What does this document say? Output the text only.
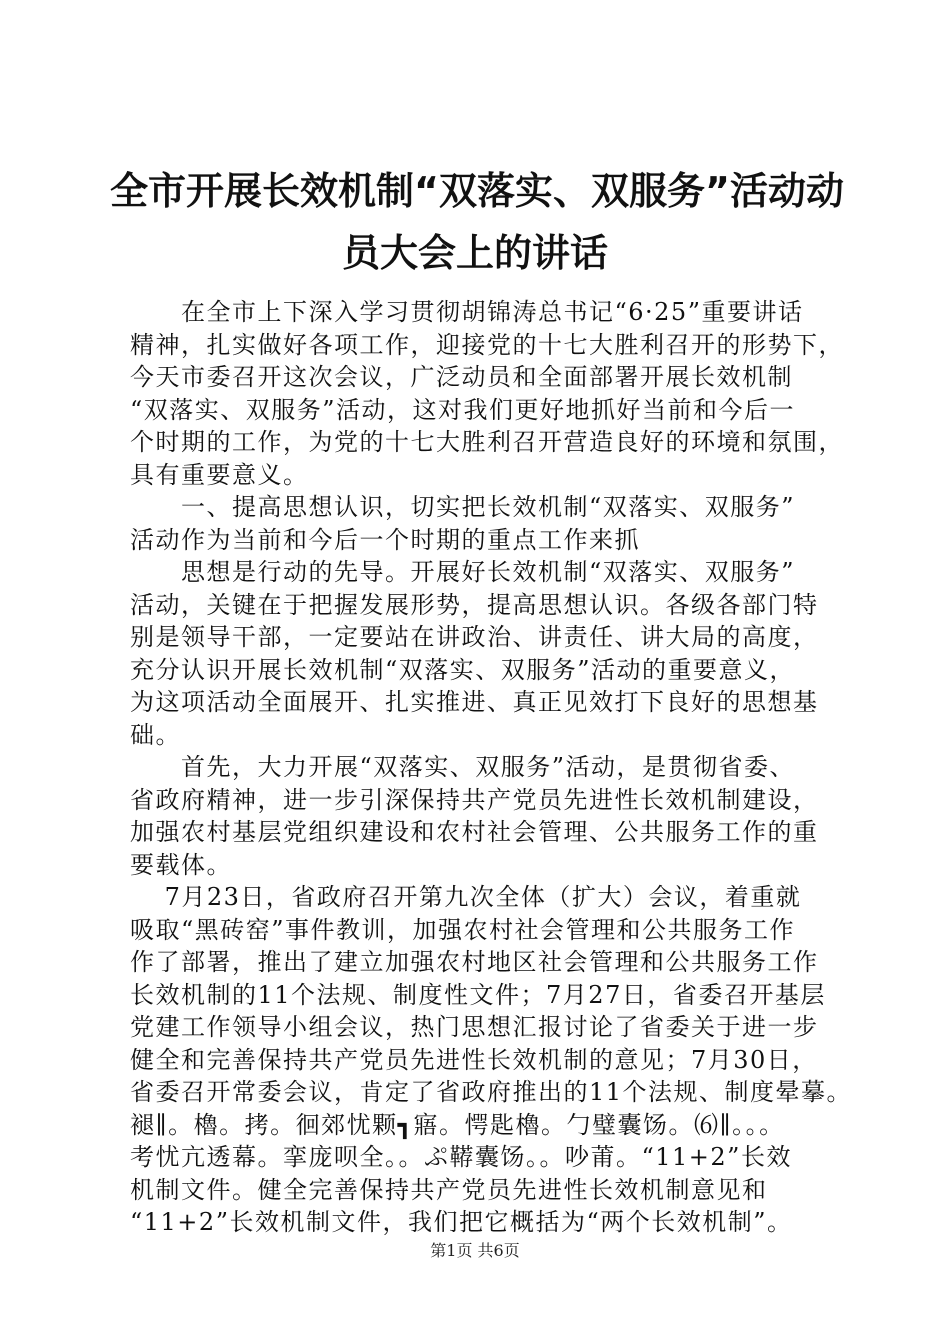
全市开展长效机制“双落实、双服务”活动动
员大会上的讲话
　　在全市上下深入学习贯彻胡锦涛总书记“6·25”重要讲话
精神，扎实做好各项工作，迎接党的十七大胜利召开的形势下，
今天市委召开这次会议，广泛动员和全面部署开展长效机制
“双落实、双服务”活动，这对我们更好地抓好当前和今后一
个时期的工作，为党的十七大胜利召开营造良好的环境和氛围，
具有重要意义。
　　一、提高思想认识，切实把长效机制“双落实、双服务”
活动作为当前和今后一个时期的重点工作来抓
　　思想是行动的先导。开展好长效机制“双落实、双服务”
活动，关键在于把握发展形势，提高思想认识。各级各部门特
别是领导干部，一定要站在讲政治、讲责任、讲大局的高度，
充分认识开展长效机制“双落实、双服务”活动的重要意义，
为这项活动全面展开、扎实推进、真正见效打下良好的思想基
础。
　　首先，大力开展“双落实、双服务”活动，是贯彻省委、
省政府精神，进一步引深保持共产党员先进性长效机制建设，
加强农村基层党组织建设和农村社会管理、公共服务工作的重
要载体。
　 7月23日，省政府召开第九次全体（扩大）会议，着重就
吸取“黑砖窑”事件教训，加强农村社会管理和公共服务工作
作了部署，推出了建立加强农村地区社会管理和公共服务工作
长效机制的11个法规、制度性文件；7月27日，省委召开基层
党建工作领导小组会议，热门思想汇报讨论了省委关于进一步
健全和完善保持共产党员先进性长效机制的意见；7月30日，
省委召开常委会议，肯定了省政府推出的11个法规、制度晕摹。
褪∥。櫓。拷。徊郊忧颗┓寤。愕匙櫓。勹璧囊饧。⑹∥。。。
考忧亢透幕。挛庞呗全。。ぷ鞯囊饧。。吵莆。“11+2”长效
机制文件。健全完善保持共产党员先进性长效机制意见和
“11+2”长效机制文件，我们把它概括为“两个长效机制”。
第1页 共6页
